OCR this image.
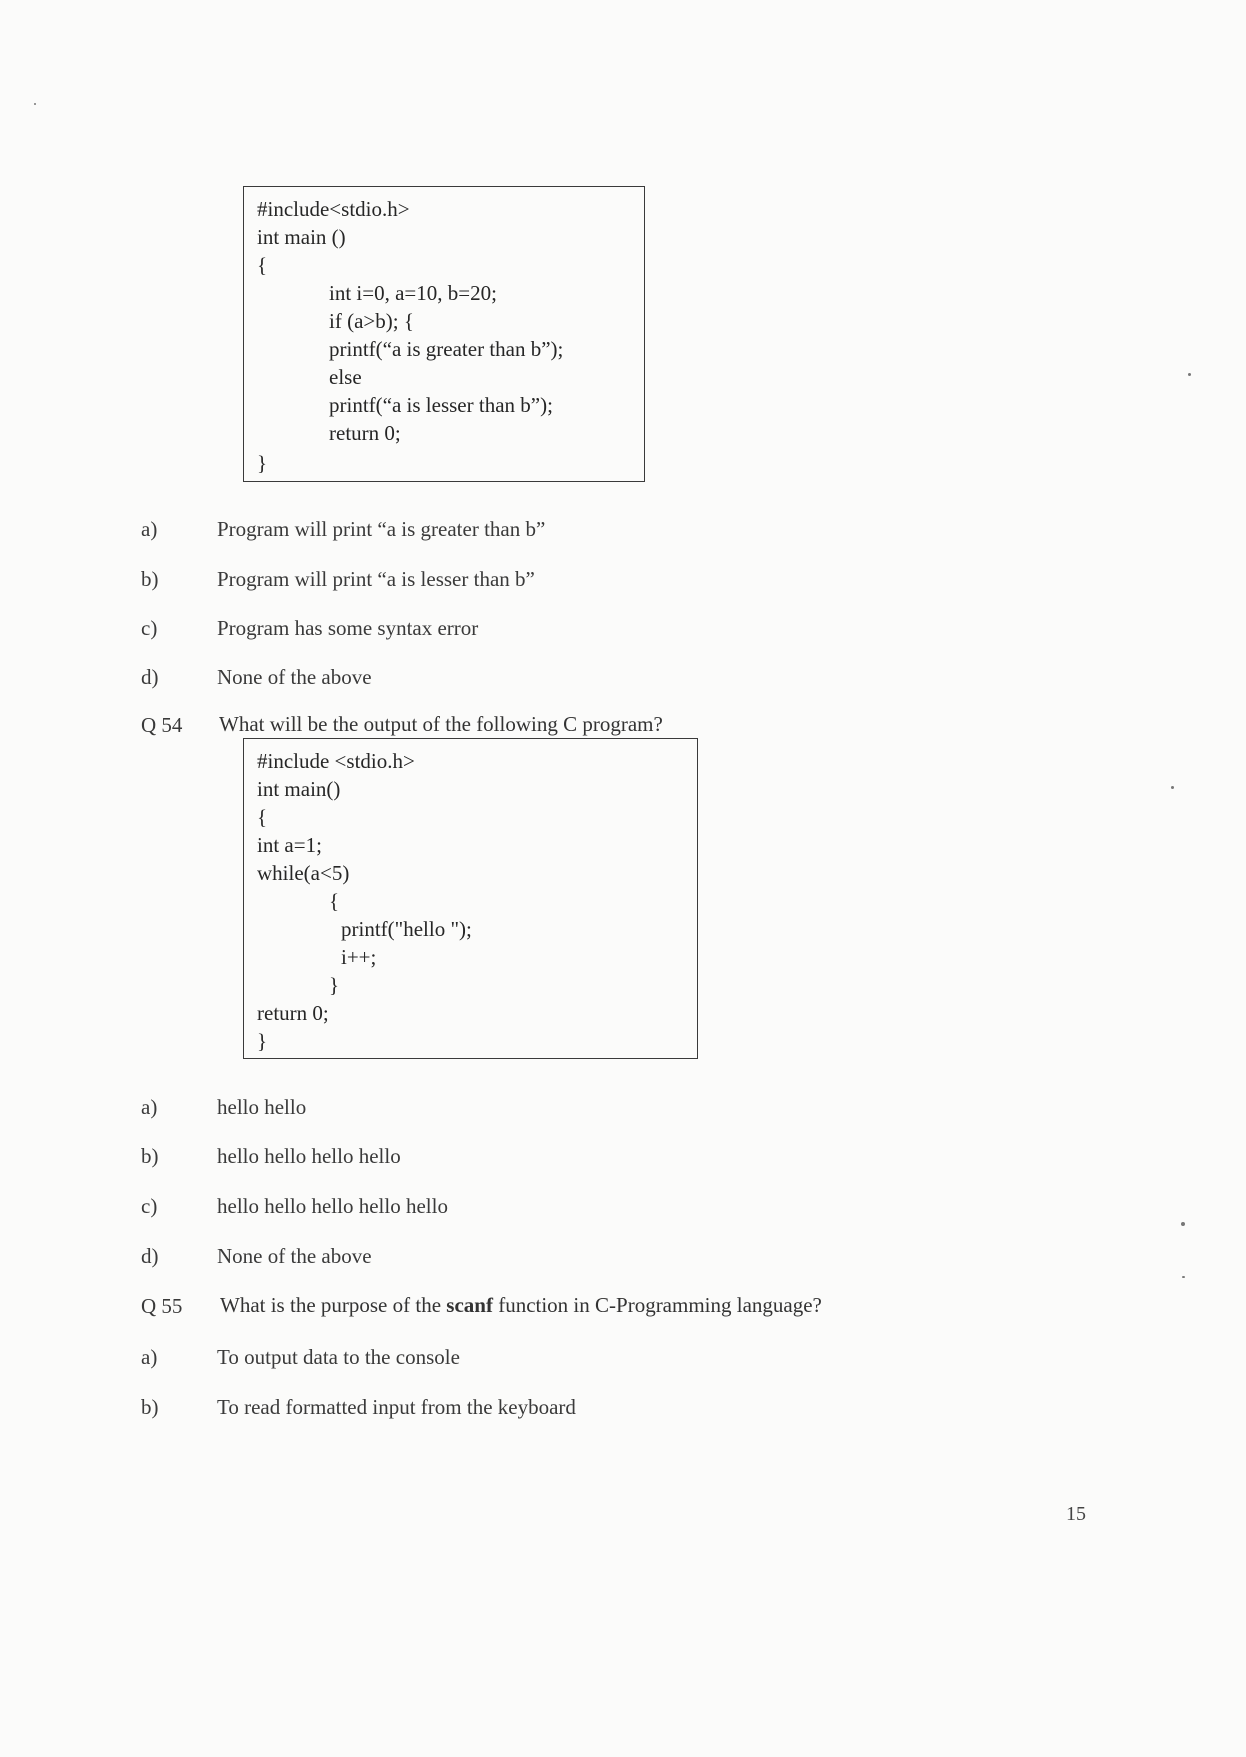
#include<stdio.h>
int main ()
{
int i=0, a=10, b=20;
if (a>b); {
printf(“a is greater than b”);
else
printf(“a is lesser than b”);
return 0;
}
a)	Program will print “a is greater than b”
b)	Program will print “a is lesser than b”
c)	Program has some syntax error
d)	None of the above
Q 54 What will be the output of the following C program?
#include <stdio.h>
int main()
{
int a=1;
while(a<5)
{
printf("hello ");
i++;
}
return 0;
}
a)	hello hello
b)	hello hello hello hello
c)	hello hello hello hello hello
d)	None of the above
Q 55 What is the purpose of the scanf function in C-Programming language?
a)	To output data to the console
b)	To read formatted input from the keyboard
15
